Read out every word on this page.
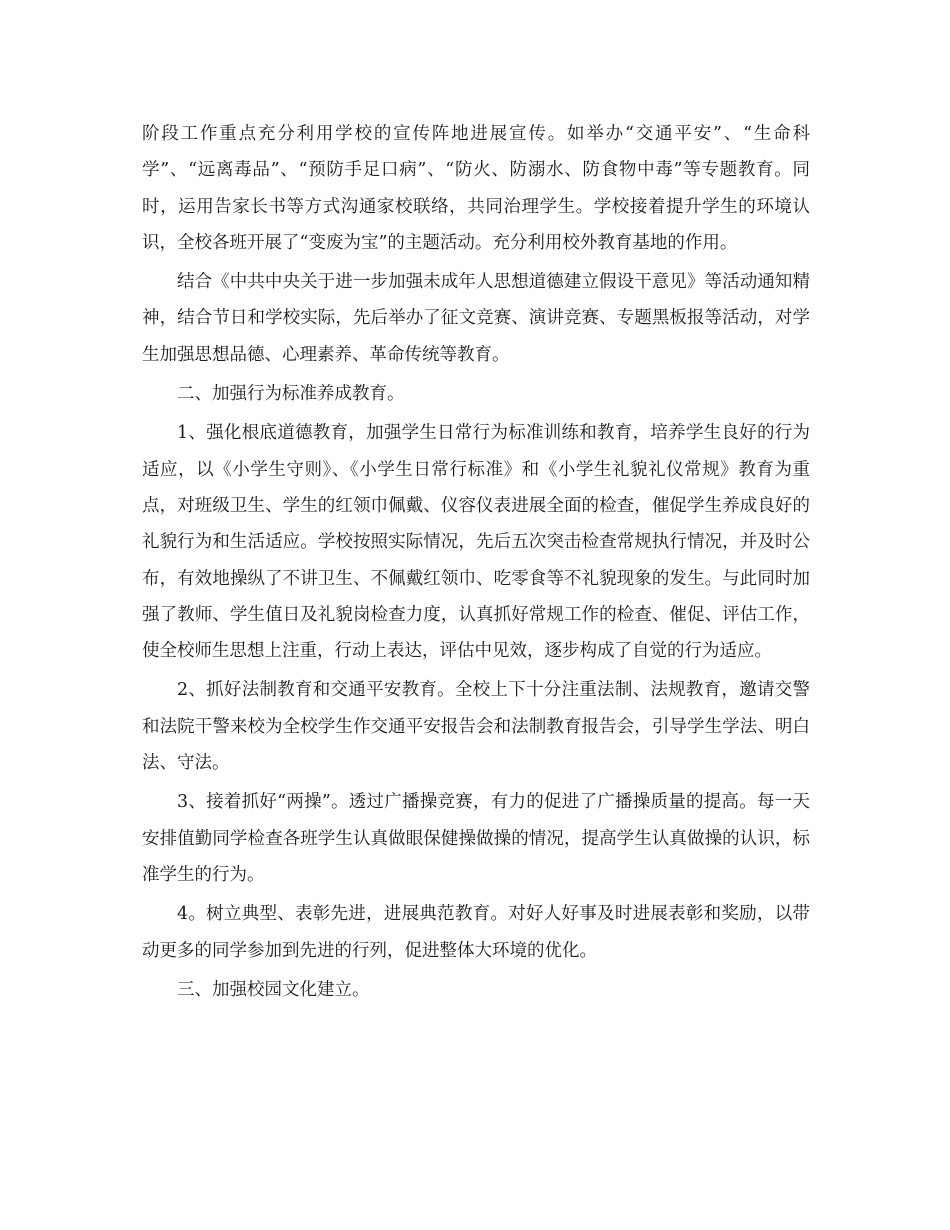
阶段工作重点充分利用学校的宣传阵地进展宣传。如举办“交通平安”、“生命科学”、“远离毒品”、“预防手足口病”、“防火、防溺水、防食物中毒”等专题教育。同时，运用告家长书等方式沟通家校联络，共同治理学生。学校接着提升学生的环境认识，全校各班开展了“变废为宝”的主题活动。充分利用校外教育基地的作用。

结合《中共中央关于进一步加强未成年人思想道德建立假设干意见》等活动通知精神，结合节日和学校实际，先后举办了征文竞赛、演讲竞赛、专题黑板报等活动，对学生加强思想品德、心理素养、革命传统等教育。

二、加强行为标准养成教育。

1、强化根底道德教育，加强学生日常行为标准训练和教育，培养学生良好的行为适应，以《小学生守则》、《小学生日常行标准》和《小学生礼貌礼仪常规》教育为重点，对班级卫生、学生的红领巾佩戴、仪容仪表进展全面的检查，催促学生养成良好的礼貌行为和生活适应。学校按照实际情况，先后五次突击检查常规执行情况，并及时公布，有效地操纵了不讲卫生、不佩戴红领巾、吃零食等不礼貌现象的发生。与此同时加强了教师、学生值日及礼貌岗检查力度，认真抓好常规工作的检查、催促、评估工作，使全校师生思想上注重，行动上表达，评估中见效，逐步构成了自觉的行为适应。

2、抓好法制教育和交通平安教育。全校上下十分注重法制、法规教育，邀请交警和法院干警来校为全校学生作交通平安报告会和法制教育报告会，引导学生学法、明白法、守法。

3、接着抓好“两操”。透过广播操竞赛，有力的促进了广播操质量的提高。每一天安排值勤同学检查各班学生认真做眼保健操做操的情况，提高学生认真做操的认识，标准学生的行为。

4。树立典型、表彰先进，进展典范教育。对好人好事及时进展表彰和奖励，以带动更多的同学参加到先进的行列，促进整体大环境的优化。

三、加强校园文化建立。
